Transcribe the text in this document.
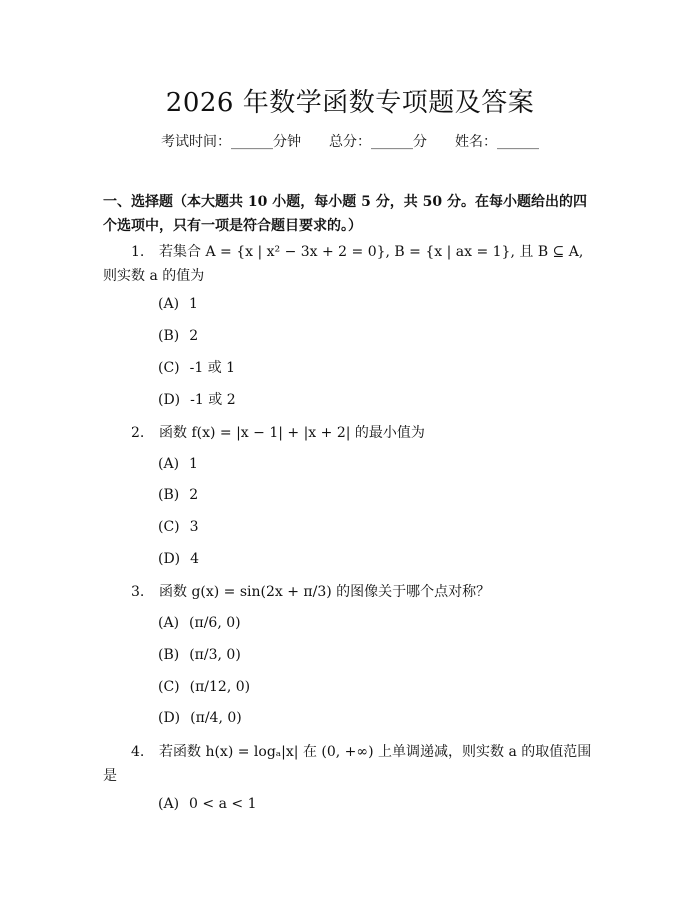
2026 年数学函数专项题及答案
考试时间：______分钟 总分：______分 姓名：______
一、选择题（本大题共 10 小题，每小题 5 分，共 50 分。在每小题给出的四个选项中，只有一项是符合题目要求的。）
1. 若集合 A = {x | x² − 3x + 2 = 0}, B = {x | ax = 1}, 且 B ⊆ A, 则实数 a 的值为
(A) 1
(B) 2
(C) -1 或 1
(D) -1 或 2
2. 函数 f(x) = |x − 1| + |x + 2| 的最小值为
(A) 1
(B) 2
(C) 3
(D) 4
3. 函数 g(x) = sin(2x + π/3) 的图像关于哪个点对称？
(A) (π/6, 0)
(B) (π/3, 0)
(C) (π/12, 0)
(D) (π/4, 0)
4. 若函数 h(x) = logₐ|x| 在 (0, +∞) 上单调递减，则实数 a 的取值范围是
(A) 0 < a < 1
